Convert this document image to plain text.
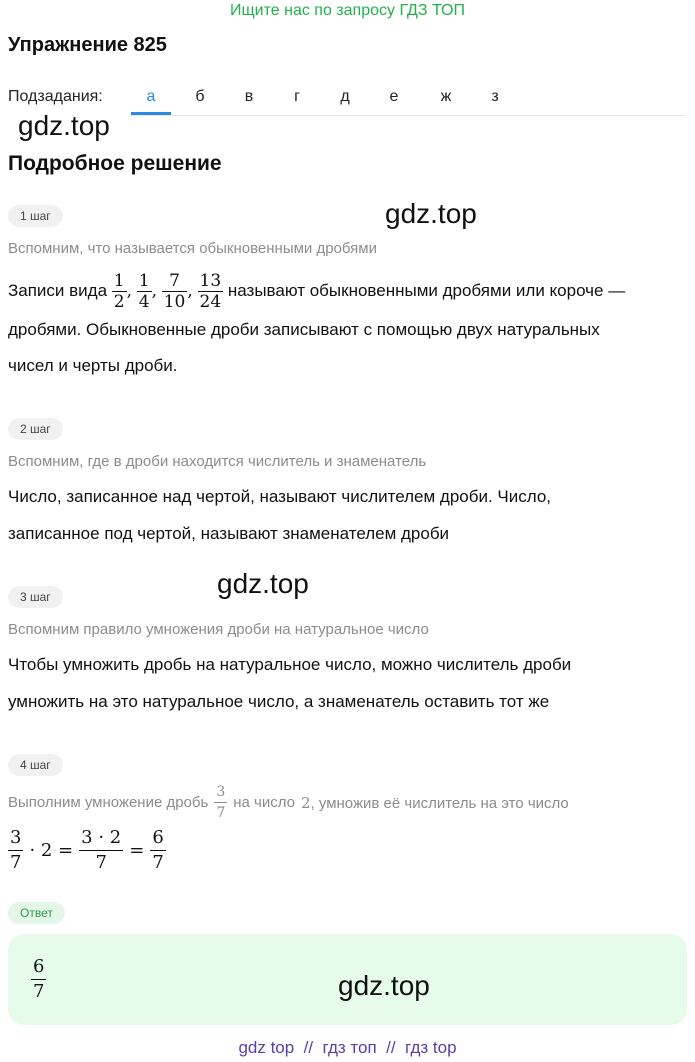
Ищите нас по запросу ГДЗ ТОП
Упражнение 825
Подзадания:	а	б	в	г	д	е	ж	з
gdz.top
Подробное решение
1 шаг	gdz.top
Вспомним, что называется обыкновенными дробями
Записи вида $\frac{1}{2}$ , $\frac{1}{4}$ , $\frac{7}{10}$ , $\frac{13}{24}$ называют обыкновенными дробями или короче —
дробями. Обыкновенные дроби записывают с помощью двух натуральных
чисел и черты дроби.
2 шаг
Вспомним, где в дроби находится числитель и знаменатель
Число, записанное над чертой, называют числителем дроби. Число,
записанное под чертой, называют знаменателем дроби
gdz.top
3 шаг
Вспомним правило умножения дроби на натуральное число
Чтобы умножить дробь на натуральное число, можно числитель дроби
умножить на это натуральное число, а знаменатель оставить тот же
4 шаг
Выполним умножение дробь $\frac{3}{7}$ на число 2, умножив её числитель на это число
$\frac{3}{7} \cdot 2 = \frac{3 \cdot 2}{7} = \frac{6}{7}$
Ответ
$\frac{6}{7}$	gdz.top
gdz top  //  гдз топ  //  гдз top
